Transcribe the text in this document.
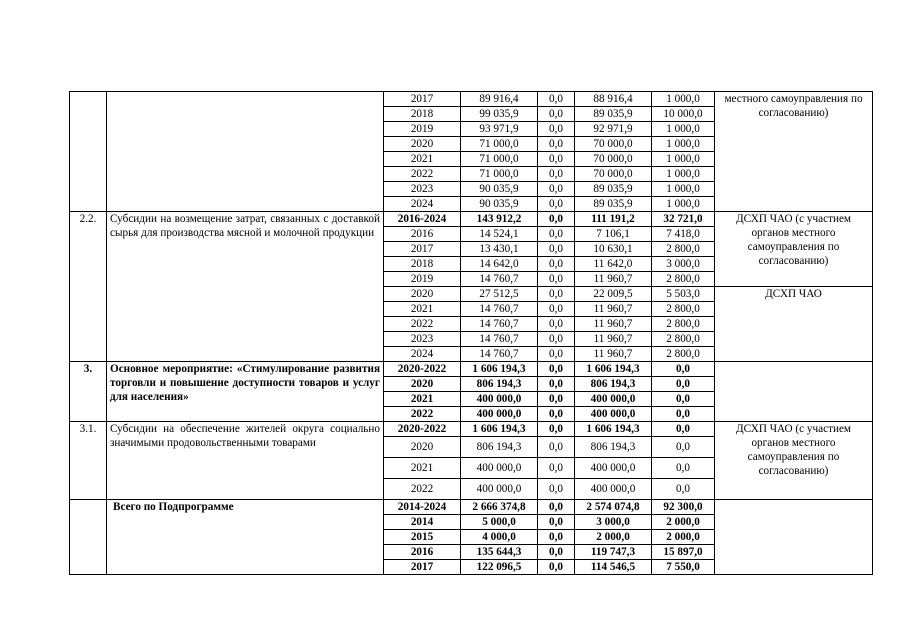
		2017	89 916,4	0,0	88 916,4	1 000,0	местного самоуправления по согласованию)
		2018	99 035,9	0,0	89 035,9	10 000,0	
		2019	93 971,9	0,0	92 971,9	1 000,0	
		2020	71 000,0	0,0	70 000,0	1 000,0	
		2021	71 000,0	0,0	70 000,0	1 000,0	
		2022	71 000,0	0,0	70 000,0	1 000,0	
		2023	90 035,9	0,0	89 035,9	1 000,0	
		2024	90 035,9	0,0	89 035,9	1 000,0	
2.2.	Субсидии на возмещение затрат, связанных с доставкой сырья для производства мясной и молочной продукции	2016-2024	143 912,2	0,0	111 191,2	32 721,0	ДСХП ЧАО (с участием органов местного самоуправления по согласованию)
		2016	14 524,1	0,0	7 106,1	7 418,0	
		2017	13 430,1	0,0	10 630,1	2 800,0	
		2018	14 642,0	0,0	11 642,0	3 000,0	
		2019	14 760,7	0,0	11 960,7	2 800,0	
		2020	27 512,5	0,0	22 009,5	5 503,0	ДСХП ЧАО
		2021	14 760,7	0,0	11 960,7	2 800,0	
		2022	14 760,7	0,0	11 960,7	2 800,0	
		2023	14 760,7	0,0	11 960,7	2 800,0	
		2024	14 760,7	0,0	11 960,7	2 800,0	
3.	Основное мероприятие: «Стимулирование развития торговли и повышение доступности товаров и услуг для населения»	2020-2022	1 606 194,3	0,0	1 606 194,3	0,0	
		2020	806 194,3	0,0	806 194,3	0,0	
		2021	400 000,0	0,0	400 000,0	0,0	
		2022	400 000,0	0,0	400 000,0	0,0	
3.1.	Субсидии на обеспечение жителей округа социально значимыми продовольственными товарами	2020-2022	1 606 194,3	0,0	1 606 194,3	0,0	ДСХП ЧАО (с участием органов местного самоуправления по согласованию)
		2020	806 194,3	0,0	806 194,3	0,0	
		2021	400 000,0	0,0	400 000,0	0,0	
		2022	400 000,0	0,0	400 000,0	0,0	
	Всего по Подпрограмме	2014-2024	2 666 374,8	0,0	2 574 074,8	92 300,0	
		2014	5 000,0	0,0	3 000,0	2 000,0	
		2015	4 000,0	0,0	2 000,0	2 000,0	
		2016	135 644,3	0,0	119 747,3	15 897,0	
		2017	122 096,5	0,0	114 546,5	7 550,0	
